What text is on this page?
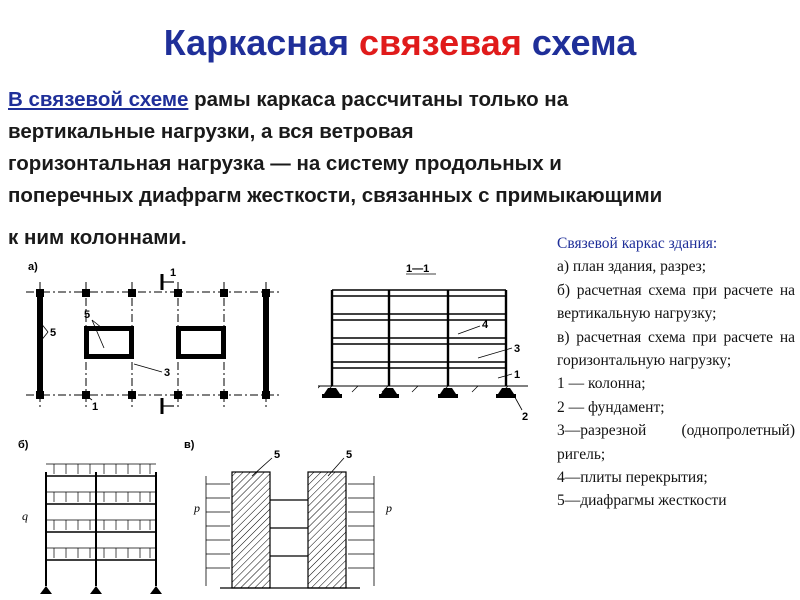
Каркасная связевая схема
В связевой схеме рамы каркаса рассчитаны только на
вертикальные нагрузки, а вся ветровая
горизонтальная нагрузка — на систему продольных и
поперечных диафрагм жесткости, связанных с примыкающими
к ним колоннами.	Связевой каркас здания:
а) план здания, разрез;
б) расчетная схема при расчете на вертикальную нагрузку;
в) расчетная схема при расчете на горизонтальную нагрузку;
1 — колонна;
2 — фундамент;
3—разрезной (однопролетный) ригель;
4—плиты перекрытия;
5—диафрагмы жесткости
а)	1
5
5
3
1
1—1
4
3
1
2
б)
q
в)
5	5
p	p
